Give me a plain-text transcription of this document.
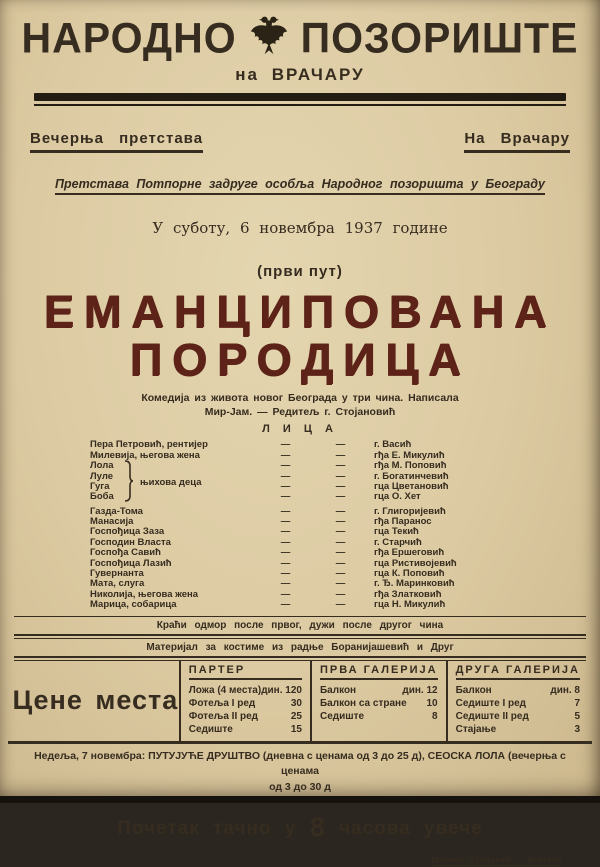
НАРОДНО ПОЗОРИШТЕ
на ВРАЧАРУ
Вечерња претстава	На Врачару
Претстава Потпорне задруге особља Народног позоришта у Београду
У суботу, 6 новембра 1937 године
(први пут)
ЕМАНЦИПОВАНА
ПОРОДИЦА
Комедија из живота новог Београда у три чина. Написала
Мир-Јам. — Редитељ г. Стојановић
Л И Ц А
њихова деца
Пера Петровић, рентијер	—	—	г. Васић
Милевија, његова жена	—	—	гђа Е. Микулић
Лола	—	—	гђа М. Поповић
Луле	—	—	г. Богатинчевић
Гуга	—	—	гца Цветановић
Боба	—	—	гца О. Хет
Газда-Тома	—	—	г. Глигоријевић
Манасија	—	—	гђа Паранос
Госпођица Заза	—	—	гца Текић
Господин Власта	—	—	г. Старчић
Госпођа Савић	—	—	гђа Ершеговић
Госпођица Лазић	—	—	гца Ристивојевић
Гувернанта	—	—	гца К. Поповић
Мата, слуга	—	—	г. Ђ. Маринковић
Николија, његова жена	—	—	гђа Златковић
Марица, собарица	—	—	гца Н. Микулић
Краћи одмор после првог, дужи после другог чина
Материјал за костиме из радње Боранијашевић и Друг
Цене места
ПАРТЕР
Ложа (4 места) дин. 120
Фотеља I ред	30
Фотеља II ред	25
Седиште	15
ПРВА ГАЛЕРИЈА
Балкон	дин. 12
Балкон са стране 10
Седиште	8
ДРУГА ГАЛЕРИЈА
Балкон	дин. 8
Седиште I ред	7
Седиште II ред	5
Стајање	3
Недеља, 7 новембра: ПУТУЈУЋЕ ДРУШТВО (дневна с ценама од 3 до 25 д), СЕОСКА ЛОЛА (вечерња с ценама
од 3 до 30 д
Почетак тачно у 8 часова увече
Штампа „Гундулић“ — Београд
